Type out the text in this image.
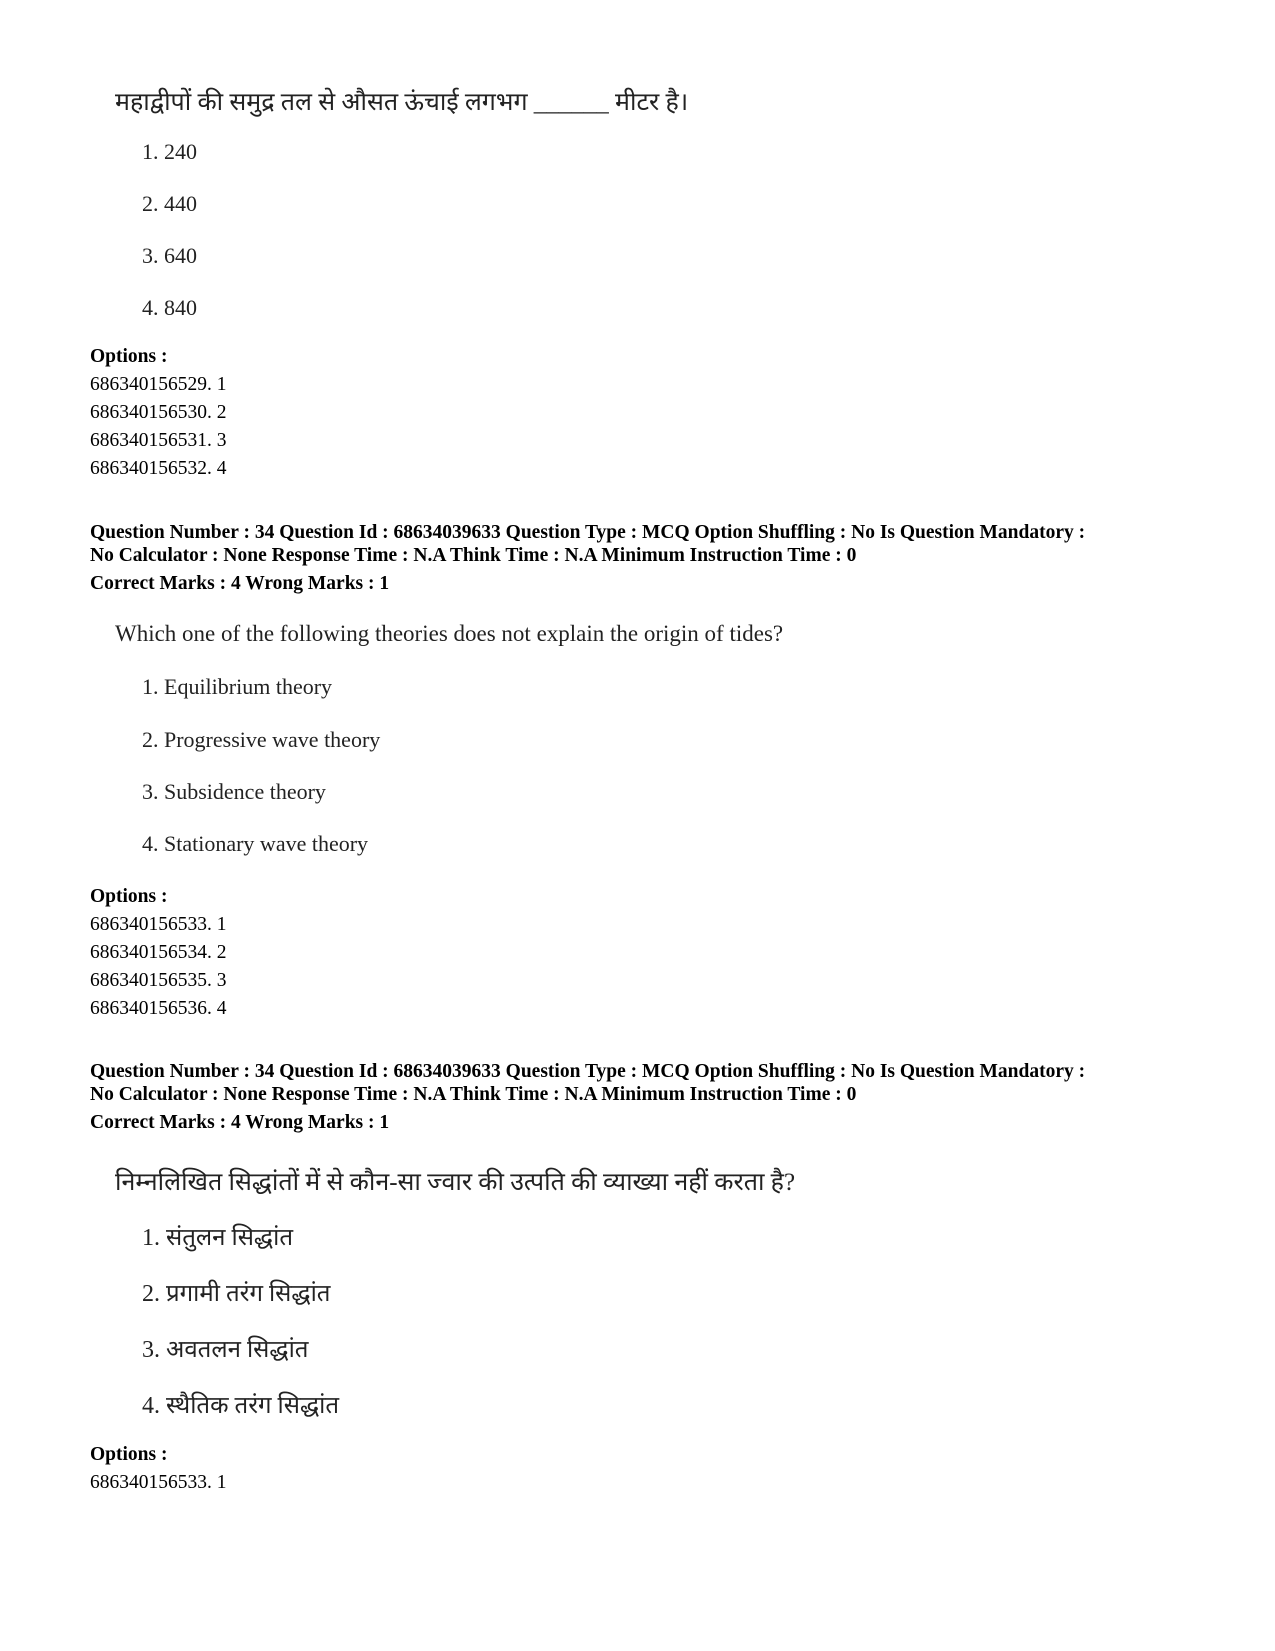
महाद्वीपों की समुद्र तल से औसत ऊंचाई लगभग ______ मीटर है।
1. 240
2. 440
3. 640
4. 840
Options :
686340156529. 1
686340156530. 2
686340156531. 3
686340156532. 4
Question Number : 34 Question Id : 68634039633 Question Type : MCQ Option Shuffling : No Is Question Mandatory :
No Calculator : None Response Time : N.A Think Time : N.A Minimum Instruction Time : 0
Correct Marks : 4 Wrong Marks : 1
Which one of the following theories does not explain the origin of tides?
1. Equilibrium theory
2. Progressive wave theory
3. Subsidence theory
4. Stationary wave theory
Options :
686340156533. 1
686340156534. 2
686340156535. 3
686340156536. 4
Question Number : 34 Question Id : 68634039633 Question Type : MCQ Option Shuffling : No Is Question Mandatory :
No Calculator : None Response Time : N.A Think Time : N.A Minimum Instruction Time : 0
Correct Marks : 4 Wrong Marks : 1
निम्नलिखित सिद्धांतों में से कौन-सा ज्वार की उत्पति की व्याख्या नहीं करता है?
1. संतुलन सिद्धांत
2. प्रगामी तरंग सिद्धांत
3. अवतलन सिद्धांत
4. स्थैतिक तरंग सिद्धांत
Options :
686340156533. 1
